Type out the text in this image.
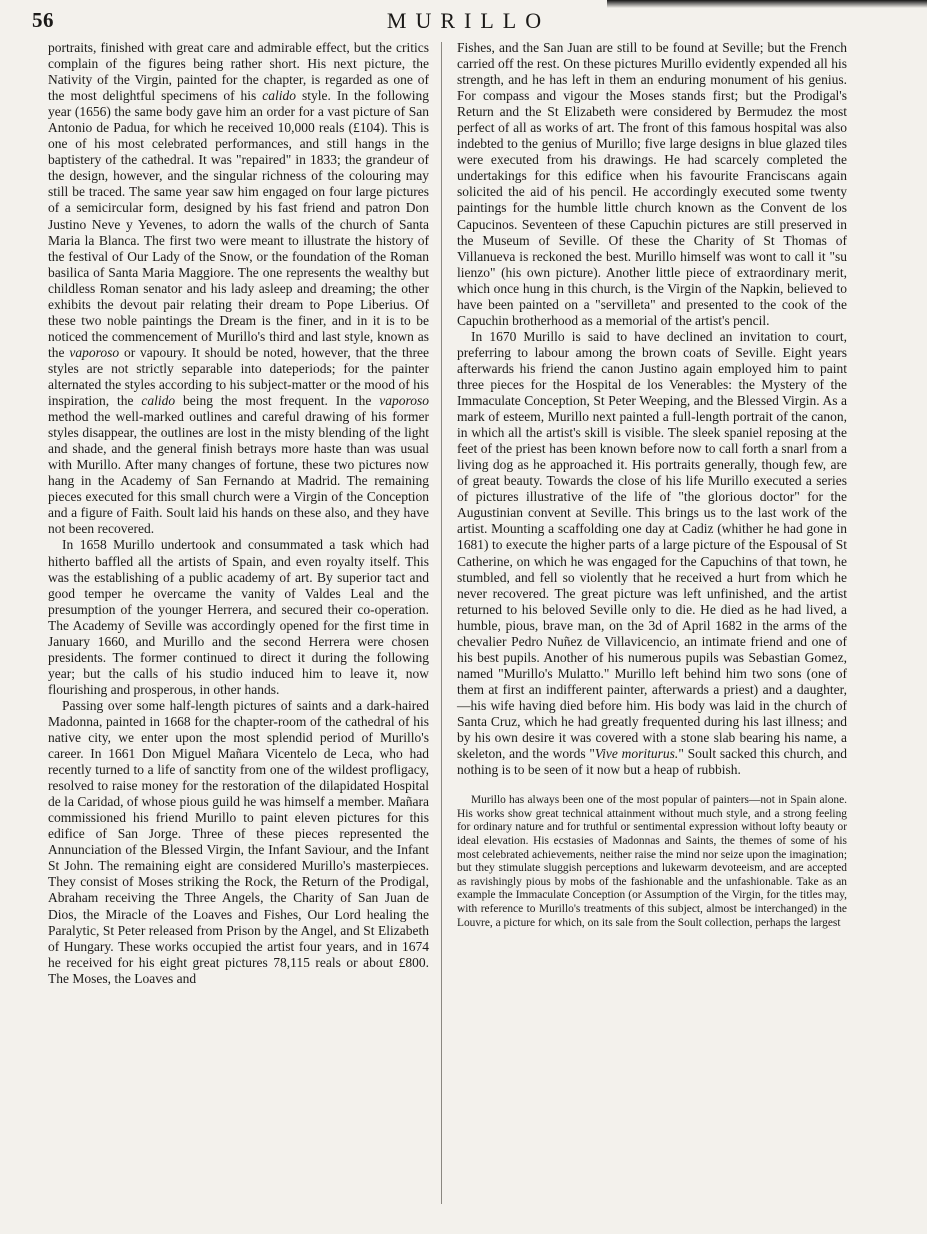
56	MURILLO

portraits, finished with great care and admirable effect, but the critics complain of the figures being rather short. His next picture, the Nativity of the Virgin, painted for the chapter, is regarded as one of the most delightful specimens of his calido style. In the following year (1656) the same body gave him an order for a vast picture of San Antonio de Padua, for which he received 10,000 reals (£104). This is one of his most celebrated performances, and still hangs in the baptistery of the cathedral. It was "repaired" in 1833; the grandeur of the design, however, and the singular richness of the colouring may still be traced. The same year saw him engaged on four large pictures of a semicircular form, designed by his fast friend and patron Don Justino Neve y Yevenes, to adorn the walls of the church of Santa Maria la Blanca. The first two were meant to illustrate the history of the festival of Our Lady of the Snow, or the foundation of the Roman basilica of Santa Maria Maggiore. The one represents the wealthy but childless Roman senator and his lady asleep and dreaming; the other exhibits the devout pair relating their dream to Pope Liberius. Of these two noble paintings the Dream is the finer, and in it is to be noticed the commencement of Murillo's third and last style, known as the vaporoso or vapoury. It should be noted, however, that the three styles are not strictly separable into dateperiods; for the painter alternated the styles according to his subject-matter or the mood of his inspiration, the calido being the most frequent. In the vaporoso method the well-marked outlines and careful drawing of his former styles disappear, the outlines are lost in the misty blending of the light and shade, and the general finish betrays more haste than was usual with Murillo. After many changes of fortune, these two pictures now hang in the Academy of San Fernando at Madrid. The remaining pieces executed for this small church were a Virgin of the Conception and a figure of Faith. Soult laid his hands on these also, and they have not been recovered.

In 1658 Murillo undertook and consummated a task which had hitherto baffled all the artists of Spain, and even royalty itself. This was the establishing of a public academy of art. By superior tact and good temper he overcame the vanity of Valdes Leal and the presumption of the younger Herrera, and secured their co-operation. The Academy of Seville was accordingly opened for the first time in January 1660, and Murillo and the second Herrera were chosen presidents. The former continued to direct it during the following year; but the calls of his studio induced him to leave it, now flourishing and prosperous, in other hands.

Passing over some half-length pictures of saints and a dark-haired Madonna, painted in 1668 for the chapter-room of the cathedral of his native city, we enter upon the most splendid period of Murillo's career. In 1661 Don Miguel Mañara Vicentelo de Leca, who had recently turned to a life of sanctity from one of the wildest profligacy, resolved to raise money for the restoration of the dilapidated Hospital de la Caridad, of whose pious guild he was himself a member. Mañara commissioned his friend Murillo to paint eleven pictures for this edifice of San Jorge. Three of these pieces represented the Annunciation of the Blessed Virgin, the Infant Saviour, and the Infant St John. The remaining eight are considered Murillo's masterpieces. They consist of Moses striking the Rock, the Return of the Prodigal, Abraham receiving the Three Angels, the Charity of San Juan de Dios, the Miracle of the Loaves and Fishes, Our Lord healing the Paralytic, St Peter released from Prison by the Angel, and St Elizabeth of Hungary. These works occupied the artist four years, and in 1674 he received for his eight great pictures 78,115 reals or about £800. The Moses, the Loaves and

Fishes, and the San Juan are still to be found at Seville; but the French carried off the rest. On these pictures Murillo evidently expended all his strength, and he has left in them an enduring monument of his genius. For compass and vigour the Moses stands first; but the Prodigal's Return and the St Elizabeth were considered by Bermudez the most perfect of all as works of art. The front of this famous hospital was also indebted to the genius of Murillo; five large designs in blue glazed tiles were executed from his drawings. He had scarcely completed the undertakings for this edifice when his favourite Franciscans again solicited the aid of his pencil. He accordingly executed some twenty paintings for the humble little church known as the Convent de los Capucinos. Seventeen of these Capuchin pictures are still preserved in the Museum of Seville. Of these the Charity of St Thomas of Villanueva is reckoned the best. Murillo himself was wont to call it "su lienzo" (his own picture). Another little piece of extraordinary merit, which once hung in this church, is the Virgin of the Napkin, believed to have been painted on a "servilleta" and presented to the cook of the Capuchin brotherhood as a memorial of the artist's pencil.

In 1670 Murillo is said to have declined an invitation to court, preferring to labour among the brown coats of Seville. Eight years afterwards his friend the canon Justino again employed him to paint three pieces for the Hospital de los Venerables: the Mystery of the Immaculate Conception, St Peter Weeping, and the Blessed Virgin. As a mark of esteem, Murillo next painted a full-length portrait of the canon, in which all the artist's skill is visible. The sleek spaniel reposing at the feet of the priest has been known before now to call forth a snarl from a living dog as he approached it. His portraits generally, though few, are of great beauty. Towards the close of his life Murillo executed a series of pictures illustrative of the life of "the glorious doctor" for the Augustinian convent at Seville. This brings us to the last work of the artist. Mounting a scaffolding one day at Cadiz (whither he had gone in 1681) to execute the higher parts of a large picture of the Espousal of St Catherine, on which he was engaged for the Capuchins of that town, he stumbled, and fell so violently that he received a hurt from which he never recovered. The great picture was left unfinished, and the artist returned to his beloved Seville only to die. He died as he had lived, a humble, pious, brave man, on the 3d of April 1682 in the arms of the chevalier Pedro Nuñez de Villavicencio, an intimate friend and one of his best pupils. Another of his numerous pupils was Sebastian Gomez, named "Murillo's Mulatto." Murillo left behind him two sons (one of them at first an indifferent painter, afterwards a priest) and a daughter,—his wife having died before him. His body was laid in the church of Santa Cruz, which he had greatly frequented during his last illness; and by his own desire it was covered with a stone slab bearing his name, a skeleton, and the words "Vive moriturus." Soult sacked this church, and nothing is to be seen of it now but a heap of rubbish.

Murillo has always been one of the most popular of painters—not in Spain alone. His works show great technical attainment without much style, and a strong feeling for ordinary nature and for truthful or sentimental expression without lofty beauty or ideal elevation. His ecstasies of Madonnas and Saints, the themes of some of his most celebrated achievements, neither raise the mind nor seize upon the imagination; but they stimulate sluggish perceptions and lukewarm devoteeism, and are accepted as ravishingly pious by mobs of the fashionable and the unfashionable. Take as an example the Immaculate Conception (or Assumption of the Virgin, for the titles may, with reference to Murillo's treatments of this subject, almost be interchanged) in the Louvre, a picture for which, on its sale from the Soult collection, perhaps the largest
